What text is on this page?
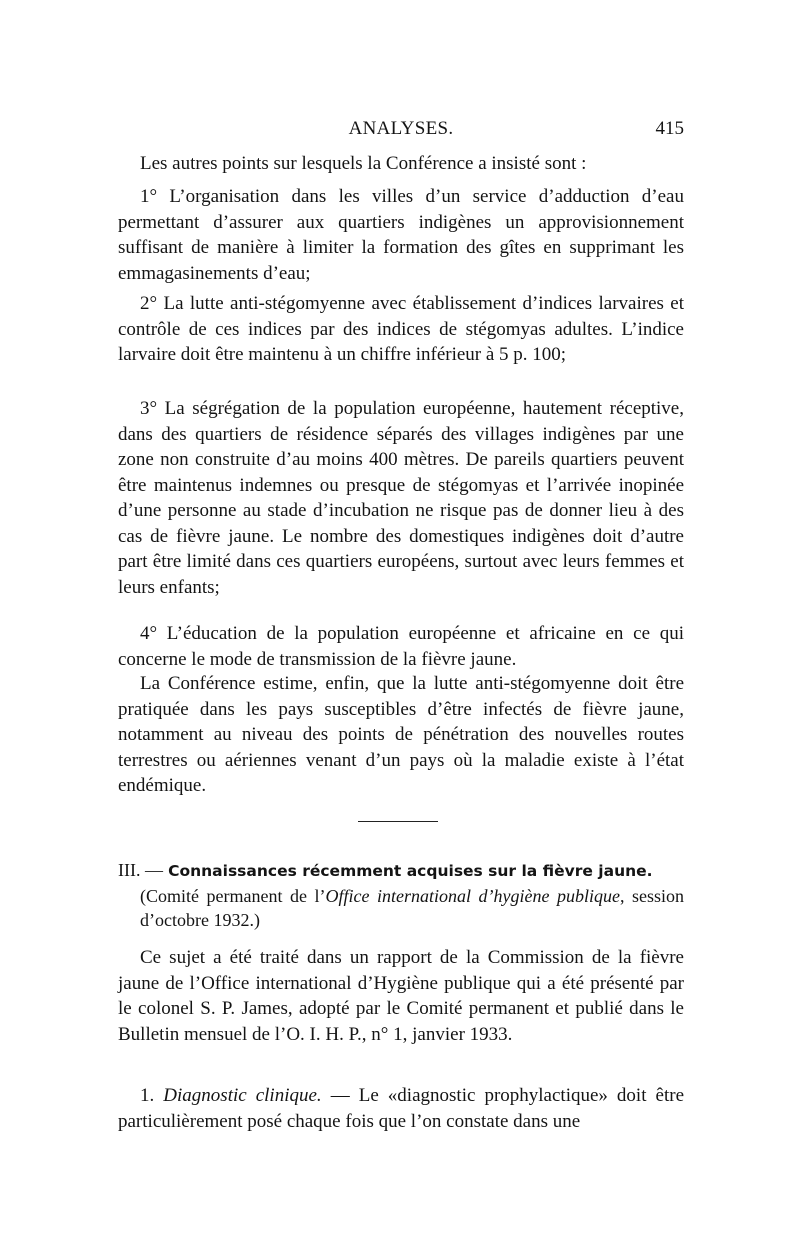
ANALYSES.	415

Les autres points sur lesquels la Conférence a insisté sont :

1° L’organisation dans les villes d’un service d’adduction d’eau permettant d’assurer aux quartiers indigènes un approvisionnement suffisant de manière à limiter la formation des gîtes en supprimant les emmagasinements d’eau;

2° La lutte anti-stégomyenne avec établissement d’indices larvaires et contrôle de ces indices par des indices de stégomyas adultes. L’indice larvaire doit être maintenu à un chiffre inférieur à 5 p. 100;

3° La ségrégation de la population européenne, hautement réceptive, dans des quartiers de résidence séparés des villages indigènes par une zone non construite d’au moins 400 mètres. De pareils quartiers peuvent être maintenus indemnes ou presque de stégomyas et l’arrivée inopinée d’une personne au stade d’incubation ne risque pas de donner lieu à des cas de fièvre jaune. Le nombre des domestiques indigènes doit d’autre part être limité dans ces quartiers européens, surtout avec leurs femmes et leurs enfants;

4° L’éducation de la population européenne et africaine en ce qui concerne le mode de transmission de la fièvre jaune.

La Conférence estime, enfin, que la lutte anti-stégomyenne doit être pratiquée dans les pays susceptibles d’être infectés de fièvre jaune, notamment au niveau des points de pénétration des nouvelles routes terrestres ou aériennes venant d’un pays où la maladie existe à l’état endémique.

III. — Connaissances récemment acquises sur la fièvre jaune.
(Comité permanent de l’Office international d’hygiène publique, session d’octobre 1932.)

Ce sujet a été traité dans un rapport de la Commission de la fièvre jaune de l’Office international d’Hygiène publique qui a été présenté par le colonel S. P. James, adopté par le Comité permanent et publié dans le Bulletin mensuel de l’O. I. H. P., n° 1, janvier 1933.

1. Diagnostic clinique. — Le «diagnostic prophylactique» doit être particulièrement posé chaque fois que l’on constate dans une
